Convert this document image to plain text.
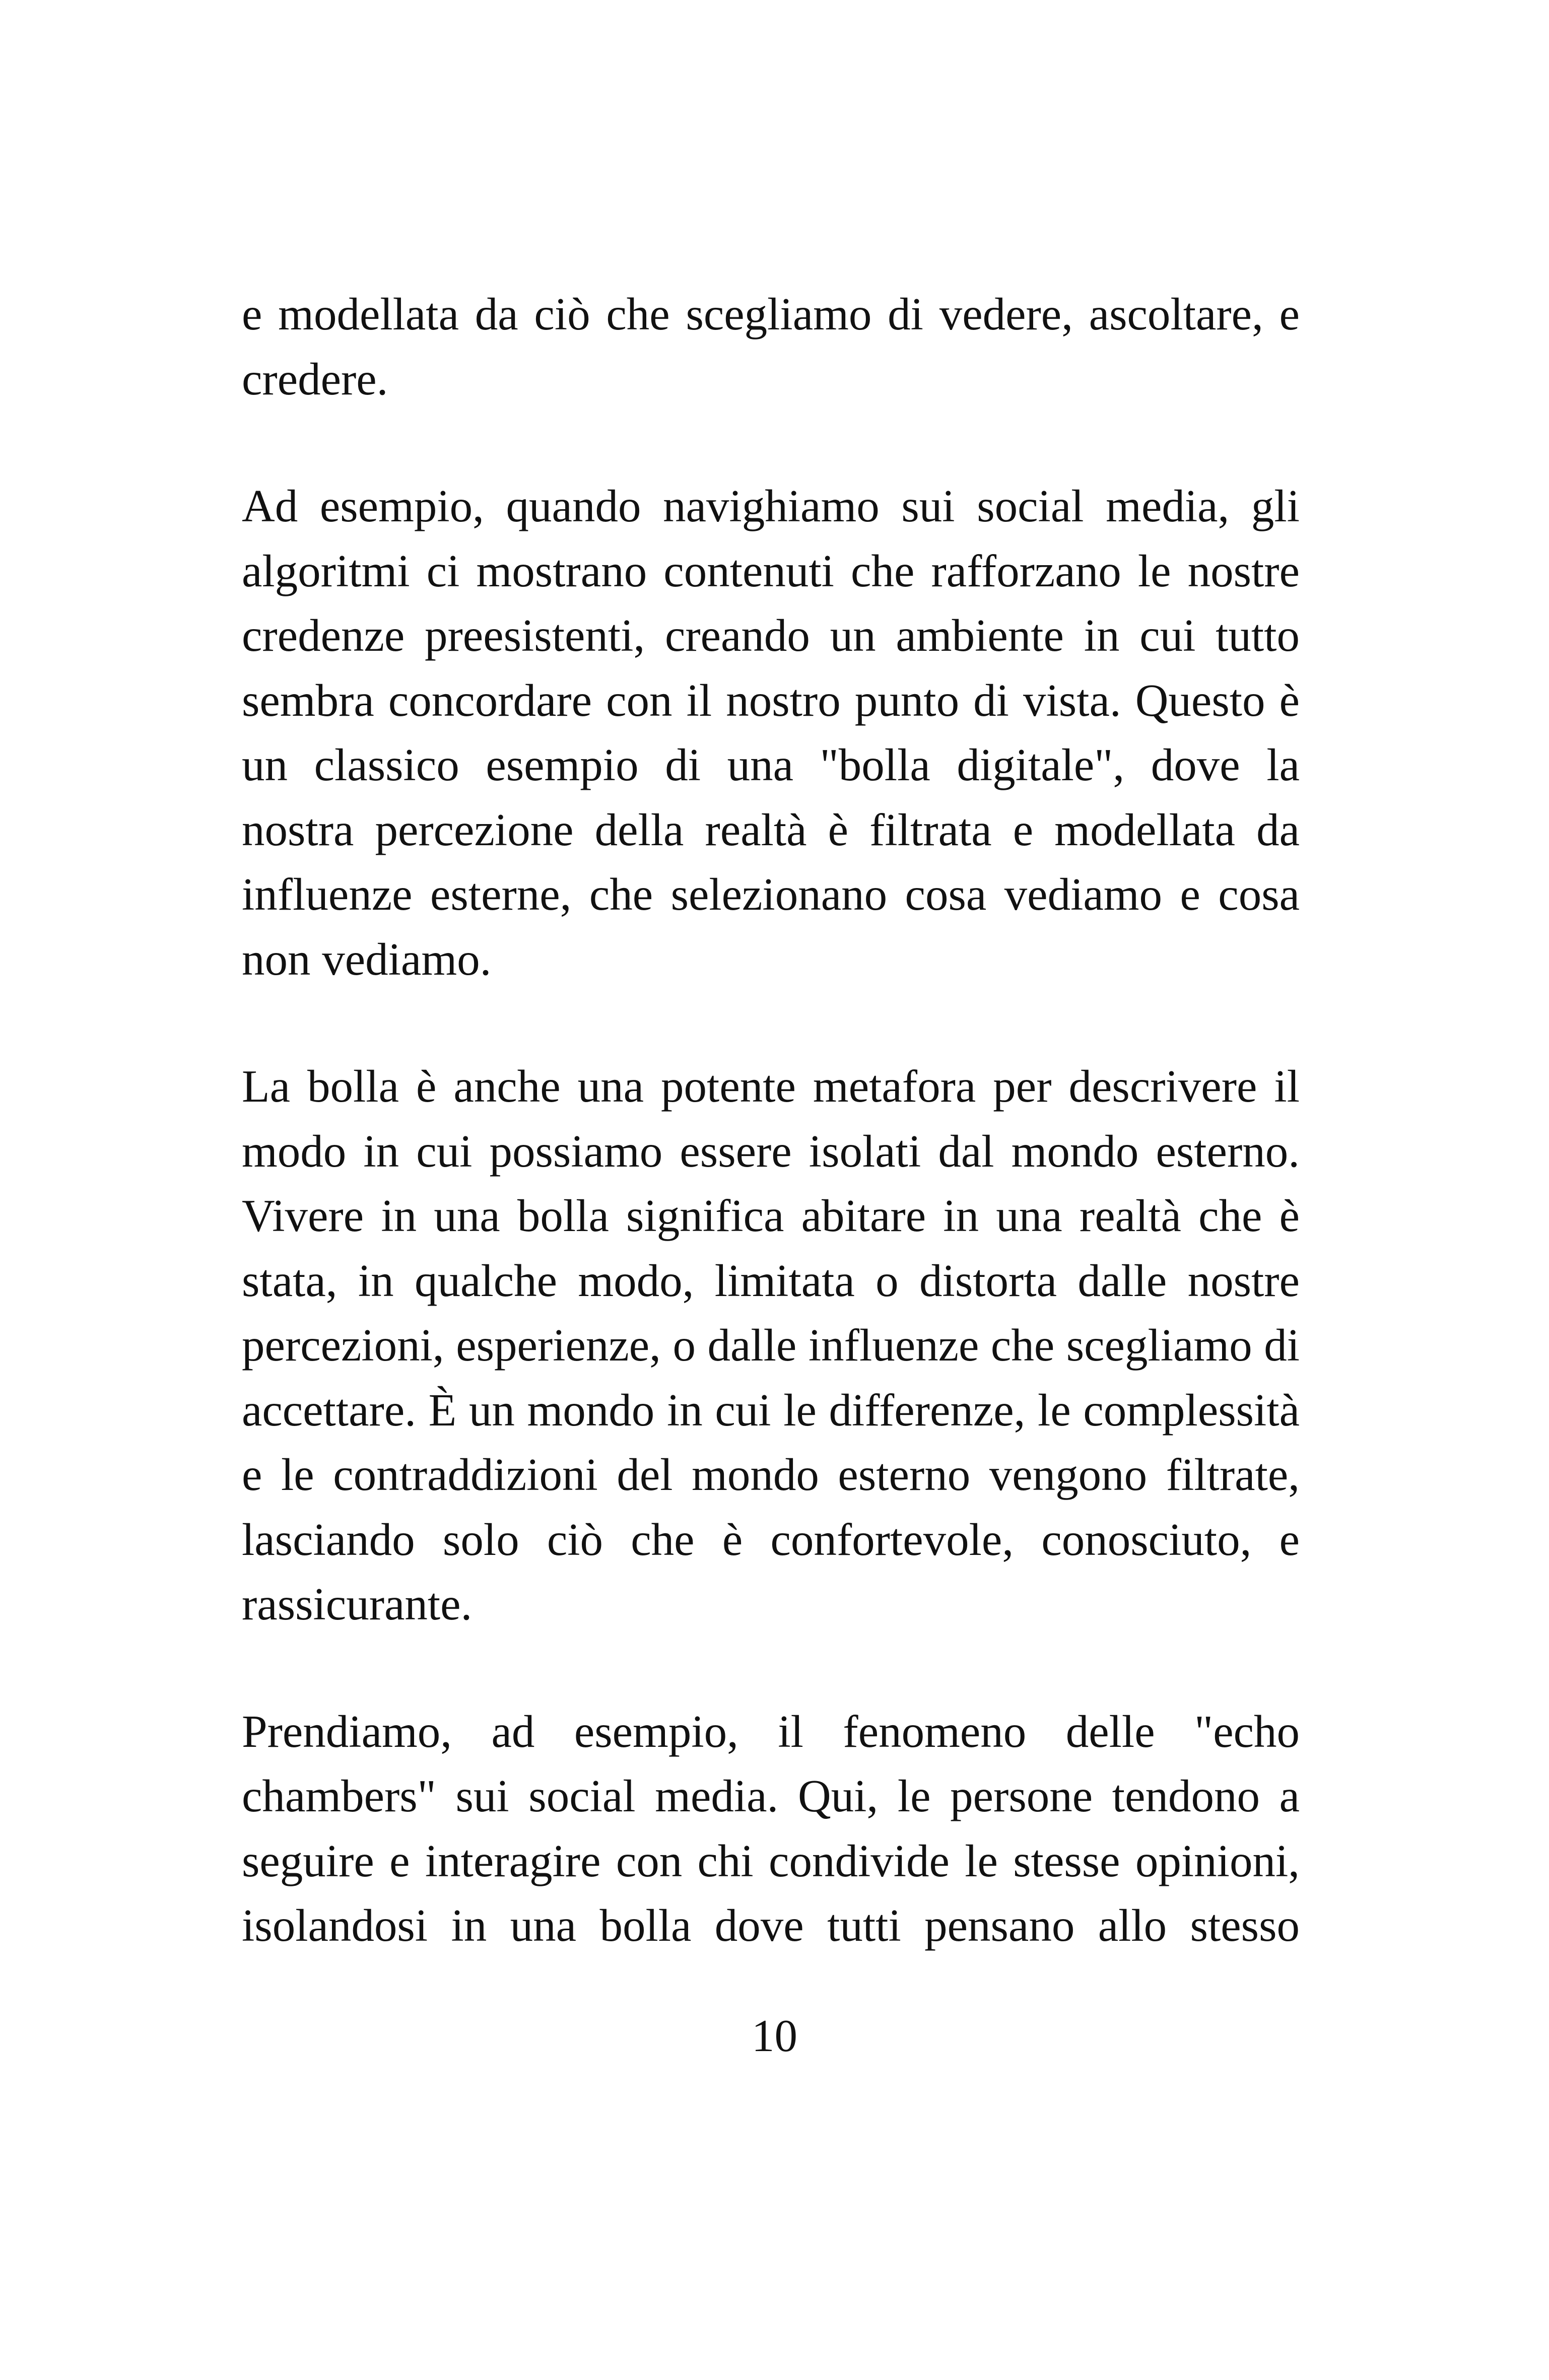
e modellata da ciò che scegliamo di vedere, ascoltare, e credere.

Ad esempio, quando navighiamo sui social media, gli algoritmi ci mostrano contenuti che rafforzano le nostre credenze preesistenti, creando un ambiente in cui tutto sembra concordare con il nostro punto di vista. Questo è un classico esempio di una "bolla digitale", dove la nostra percezione della realtà è filtrata e modellata da influenze esterne, che selezionano cosa vediamo e cosa non vediamo.

La bolla è anche una potente metafora per descrivere il modo in cui possiamo essere isolati dal mondo esterno. Vivere in una bolla significa abitare in una realtà che è stata, in qualche modo, limitata o distorta dalle nostre percezioni, esperienze, o dalle influenze che scegliamo di accettare. È un mondo in cui le differenze, le complessità e le contraddizioni del mondo esterno vengono filtrate, lasciando solo ciò che è confortevole, conosciuto, e rassicurante.

Prendiamo, ad esempio, il fenomeno delle "echo chambers" sui social media. Qui, le persone tendono a seguire e interagire con chi condivide le stesse opinioni, isolandosi in una bolla dove tutti pensano allo stesso

10
